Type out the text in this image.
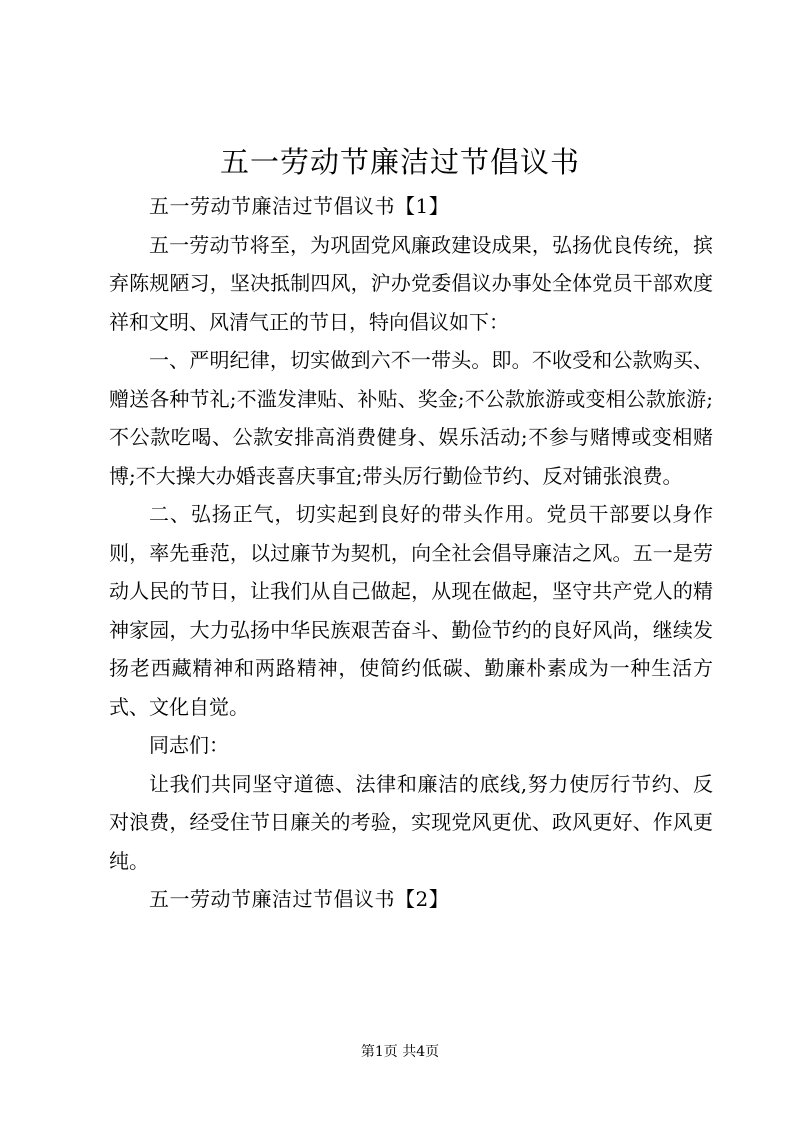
五一劳动节廉洁过节倡议书

五一劳动节廉洁过节倡议书【1】

五一劳动节将至，为巩固党风廉政建设成果，弘扬优良传统，摈弃陈规陋习，坚决抵制四风，沪办党委倡议办事处全体党员干部欢度祥和文明、风清气正的节日，特向倡议如下：

一、严明纪律，切实做到六不一带头。即。不收受和公款购买、赠送各种节礼;不滥发津贴、补贴、奖金;不公款旅游或变相公款旅游;不公款吃喝、公款安排高消费健身、娱乐活动;不参与赌博或变相赌博;不大操大办婚丧喜庆事宜;带头厉行勤俭节约、反对铺张浪费。

二、弘扬正气，切实起到良好的带头作用。党员干部要以身作则，率先垂范，以过廉节为契机，向全社会倡导廉洁之风。五一是劳动人民的节日，让我们从自己做起，从现在做起，坚守共产党人的精神家园，大力弘扬中华民族艰苦奋斗、勤俭节约的良好风尚，继续发扬老西藏精神和两路精神，使简约低碳、勤廉朴素成为一种生活方式、文化自觉。

同志们：

让我们共同坚守道德、法律和廉洁的底线,努力使厉行节约、反对浪费，经受住节日廉关的考验，实现党风更优、政风更好、作风更纯。

五一劳动节廉洁过节倡议书【2】

第1页 共4页
